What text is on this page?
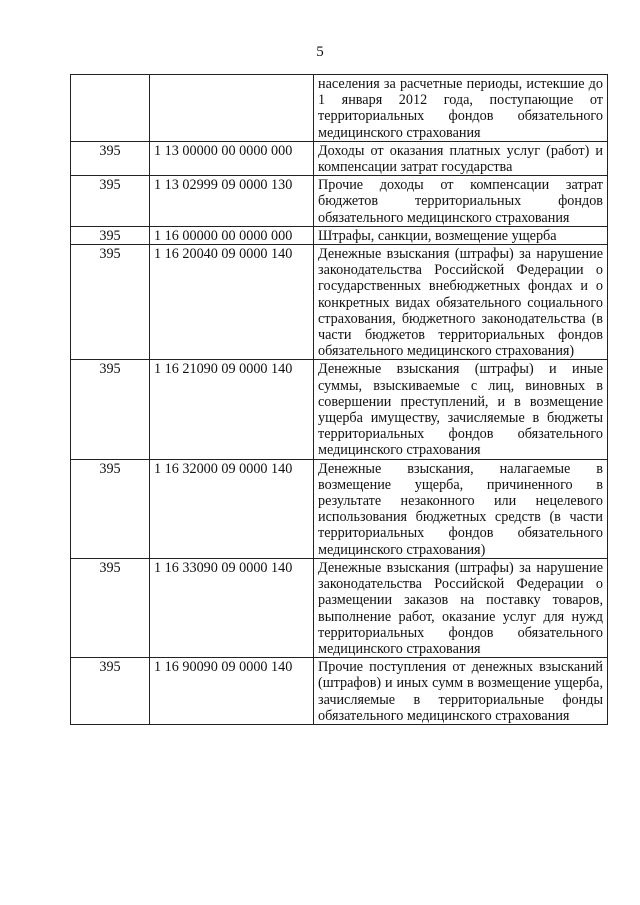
5
		населения за расчетные периоды, истекшие до 1 января 2012 года, поступающие от территориальных фондов обязательного медицинского страхования
395	1 13 00000 00 0000 000	Доходы от оказания платных услуг (работ) и компенсации затрат государства
395	1 13 02999 09 0000 130	Прочие доходы от компенсации затрат бюджетов территориальных фондов обязательного медицинского страхования
395	1 16 00000 00 0000 000	Штрафы, санкции, возмещение ущерба
395	1 16 20040 09 0000 140	Денежные взыскания (штрафы) за нарушение законодательства Российской Федерации о государственных внебюджетных фондах и о конкретных видах обязательного социального страхования, бюджетного законодательства (в части бюджетов территориальных фондов обязательного медицинского страхования)
395	1 16 21090 09 0000 140	Денежные взыскания (штрафы) и иные суммы, взыскиваемые с лиц, виновных в совершении преступлений, и в возмещение ущерба имуществу, зачисляемые в бюджеты территориальных фондов обязательного медицинского страхования
395	1 16 32000 09 0000 140	Денежные взыскания, налагаемые в возмещение ущерба, причиненного в результате незаконного или нецелевого использования бюджетных средств (в части территориальных фондов обязательного медицинского страхования)
395	1 16 33090 09 0000 140	Денежные взыскания (штрафы) за нарушение законодательства Российской Федерации о размещении заказов на поставку товаров, выполнение работ, оказание услуг для нужд территориальных фондов обязательного медицинского страхования
395	1 16 90090 09 0000 140	Прочие поступления от денежных взысканий (штрафов) и иных сумм в возмещение ущерба, зачисляемые в территориальные фонды обязательного медицинского страхования
